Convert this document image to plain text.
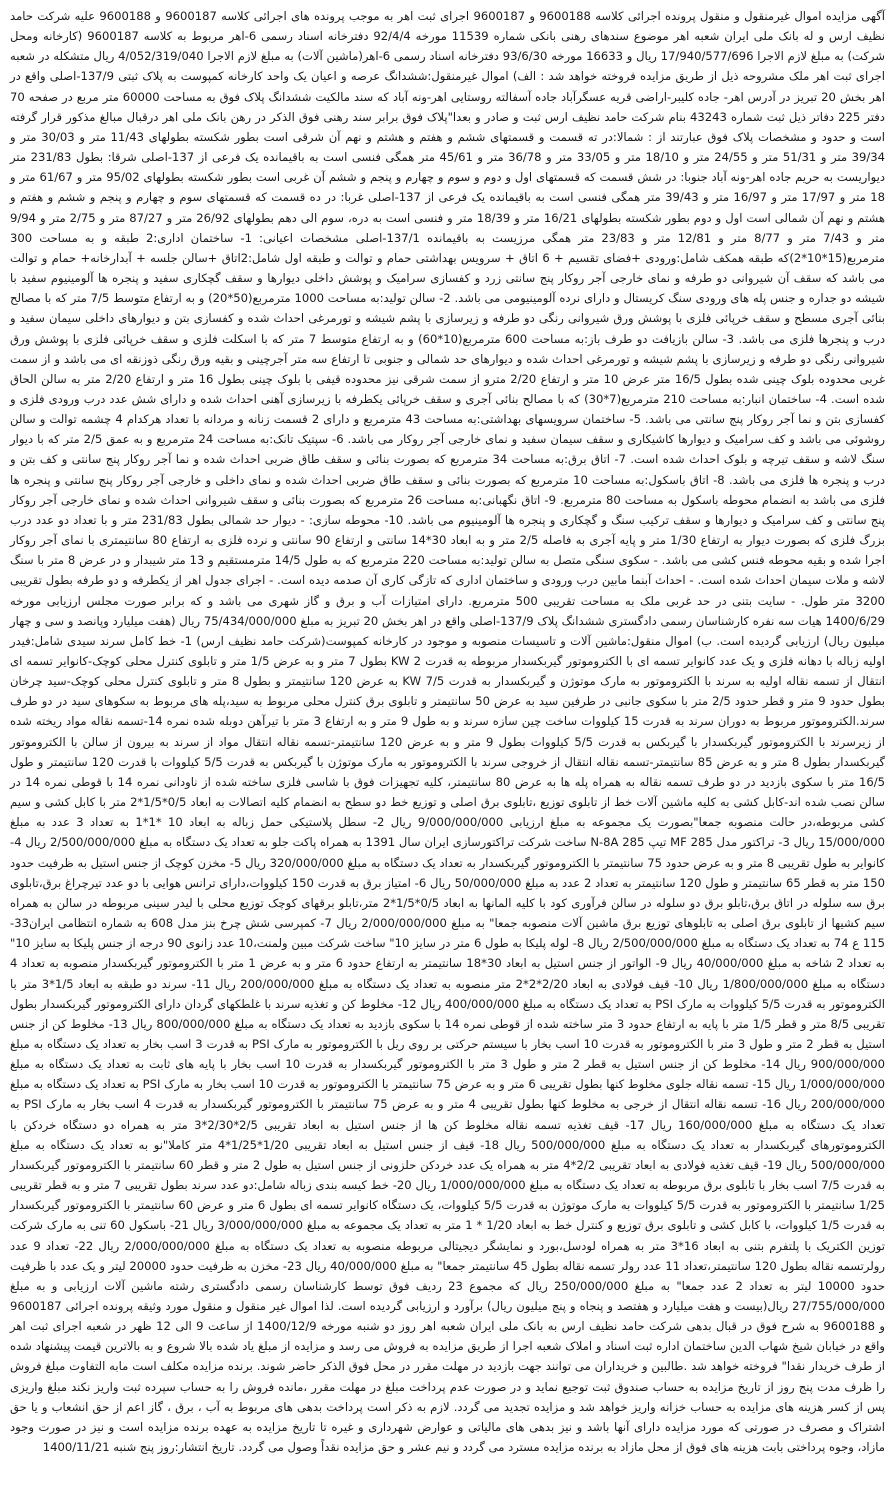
آگهی مزایده اموال غیرمنقول و منقول پرونده اجرائی کلاسه 9600188 و 9600187 اجرای ثبت اهر به موجب پرونده های اجرائی کلاسه 9600187 و 9600188 علیه شرکت حامد نظیف ارس و له بانک ملی ایران شعبه اهر موضوع سندهای رهنی بانکی شماره 11539 مورخه 92/4/4 دفترخانه اسناد رسمی 6-اهر مربوط به کلاسه 9600187 (کارخانه ومحل شرکت) به مبلغ لازم الاجرا 17/940/577/696 ریال و 16633 مورخه 93/6/30 دفترخانه اسناد رسمی 6-اهر(ماشین آلات) به مبلغ لازم الاجرا 4/052/319/040 ریال متشکله در شعبه اجرای ثبت اهر ملک مشروحه ذیل از طریق مزایده فروخته خواهد شد : الف) اموال غیرمنقول:ششدانگ عرصه و اعیان یک واحد کارخانه کمپوست به پلاک ثبتی 137/9-اصلی واقع در اهر بخش 20 تبریز در آدرس اهر- جاده کلیبر-اراضی قریه عسگرآباد جاده آسفالته روستایی اهر-ونه آباد که سند مالکیت ششدانگ پلاک فوق به مساحت 60000 متر مربع در صفحه 70 دفتر 225 دفاتر ذیل ثبت شماره 43243 بنام شرکت حامد نظیف ارس ثبت و صادر و بعدا"پلاک فوق برابر سند رهنی فوق الذکر در رهن بانک ملی اهر درقبال مبالغ مذکور قرار گرفته است و حدود و مشخصات پلاک فوق عبارتند از : شمالا:در ته قسمت و قسمتهای ششم و هفتم و هشتم و نهم آن شرقی است بطور شکسته بطولهای 11/43 متر و 30/03 متر و 39/34 متر و 51/31 متر و 24/55 متر و 18/10 متر و 33/05 متر و 36/78 متر و 45/61 متر همگی فنسی است به باقیمانده یک فرعی از 137-اصلی شرقا: بطول 231/83 متر دیواریست به حریم جاده اهر-ونه آباد جنوبا: در شش قسمت که قسمتهای اول و دوم و سوم و چهارم و پنجم و ششم آن غربی است بطور شکسته بطولهای 95/02 متر و 61/67 متر و 18 متر و 17/97 متر و 16/97 متر و 39/43 متر همگی فنسی است به باقیمانده یک فرعی از 137-اصلی غربا: در ده قسمت که قسمتهای سوم و چهارم و پنجم و ششم و هفتم و هشتم و نهم آن شمالی است اول و دوم بطور شکسته بطولهای 16/21 متر و 18/39 متر و فنسی است به دره، سوم الی دهم بطولهای 26/92 متر و 87/27 متر و 2/75 متر و 9/94 متر و 7/43 متر و 8/77 متر و 12/81 متر و 23/83 متر همگی مرزیست به باقیمانده 137/1-اصلی مشخصات اعیانی: 1- ساختمان اداری:2 طبقه و به مساحت 300 مترمربع(15*10*2)که طبقه همکف شامل:ورودی +فضای تقسیم + 6 اتاق + سرویس بهداشتی حمام و توالت و طبقه اول شامل:2اتاق +سالن جلسه + آبدارخانه+ حمام و توالت می باشد که سقف آن شیروانی دو طرفه و نمای خارجی آجر روکار پنج سانتی زرد و کفسازی سرامیک و پوشش داخلی دیوارها و سقف گچکاری سفید و پنجره ها آلومینیوم سفید با شیشه دو جداره و جنس پله های ورودی سنگ کریستال و دارای نرده آلومینیومی می باشد. 2- سالن تولید:به مساحت 1000 مترمربع(50*20) و به ارتفاع متوسط 7/5 متر که با مصالح بنائی آجری مسطح و سقف خرپائی فلزی با پوشش ورق شیروانی رنگی دو طرفه و زیرسازی با پشم شیشه و تورمرغی احداث شده و کفسازی بتن و دیوارهای داخلی سیمان سفید و درب و پنجرها فلزی می باشد. 3- سالن بازیافت دو طرف باز:به مساحت 600 مترمربع(10*60) و به ارتفاع متوسط 7 متر که با اسکلت فلزی و سقف خرپائی فلزی با پوشش ورق شیروانی رنگی دو طرفه و زیرسازی با پشم شیشه و تورمرغی احداث شده و دیوارهای حد شمالی و جنوبی تا ارتفاع سه متر آجرچینی و بقیه ورق رنگی ذوزنقه ای می باشد و از سمت غربی محدوده بلوک چینی شده بطول 16/5 متر عرض 10 متر و ارتفاع 2/20 مترو از سمت شرقی نیز محدوده قیفی با بلوک چینی بطول 16 متر و ارتفاع 2/20 متر به سالن الحاق شده است. 4- ساختمان انبار:به مساحت 210 مترمربع(7*30) که با مصالح بنائی آجری و سقف خرپائی یکطرفه با زیرسازی آهنی احداث شده و دارای شش عدد درب ورودی فلزی و کفسازی بتن و نما آجر روکار پنج سانتی می باشد. 5- ساختمان سرویسهای بهداشتی:به مساحت 43 مترمربع و دارای 2 قسمت زنانه و مردانه با تعداد هرکدام 4 چشمه توالت و سالن روشوئی می باشد و کف سرامیک و دیوارها کاشیکاری و سقف سیمان سفید و نمای خارجی آجر روکار می باشد. 6- سپتیک تانک:به مساحت 24 مترمربع و به عمق 2/5 متر که با دیوار سنگ لاشه و سقف تیرچه و بلوک احداث شده است. 7- اتاق برق:به مساحت 34 مترمربع که بصورت بنائی و سقف طاق ضربی احداث شده و نما آجر روکار پنج سانتی و کف بتن و درب و پنجره ها فلزی می باشد. 8- اتاق باسکول:به مساحت 10 مترمربع که بصورت بنائی و سقف طاق ضربی احداث شده و نمای داخلی و خارجی آجر روکار پنج سانتی و پنجره ها فلزی می باشد به انضمام محوطه باسکول به مساحت 80 مترمربع. 9- اتاق نگهبانی:به مساحت 26 مترمربع که بصورت بنائی و سقف شیروانی احداث شده و نمای خارجی آجر روکار پنج سانتی و کف سرامیک و دیوارها و سقف ترکیب سنگ و گچکاری و پنجره ها آلومینیوم می باشد. 10- محوطه سازی: - دیوار حد شمالی بطول 231/83 متر و با تعداد دو عدد درب بزرگ فلزی که بصورت دیوار به ارتفاع 1/30 متر و پایه آجری به فاصله 2/5 متر و به ابعاد 30*14 سانتی و ارتفاع 90 سانتی و نرده فلزی به ارتفاع 80 سانتیمتری با نمای آجر روکار اجرا شده و بقیه محوطه فنس کشی می باشد. - سکوی سنگی متصل به سالن تولید:به مساحت 220 مترمربع که به طول 14/5 مترمستقیم و 13 متر شیبدار و در عرض 8 متر با سنگ لاشه و ملات سیمان احداث شده است. - احداث آبنما مابین درب ورودی و ساختمان اداری که تازگی کاری آن صدمه دیده است. - اجرای جدول اهر از یکطرفه و دو طرفه بطول تقریبی 3200 متر طول. - سایت بتنی در حد غربی ملک به مساحت تقریبی 500 مترمربع. دارای امتیازات آب و برق و گاز شهری می باشد و که برابر صورت مجلس ارزیابی مورخه 1400/6/29 هیات سه نفره کارشناسان رسمی دادگستری ششدانگ پلاک 137/9-اصلی واقع در اهر بخش 20 تبریز به مبلغ 75/434/000/000 ریال (هفت میلیارد وپانصد و سی و چهار میلیون ریال) ارزیابی گردیده است. ب) اموال منقول:ماشین آلات و تاسیسات منصوبه و موجود در کارخانه کمپوست(شرکت حامد نظیف ارس) 1- خط کامل سرند سیدی شامل:فیدر اولیه زباله با دهانه فلزی و یک عدد کانوایر تسمه ای با الکتروموتور گیربکسدار مربوطه به قدرت 2 KW بطول 7 متر و به عرض 1/5 متر و تابلوی کنترل محلی کوچک-کانوایر تسمه ای انتقال از تسمه نقاله اولیه به سرند با الکتروموتور به مارک موتوژن و گیربکسدار به قدرت 7/5 KW به عرض 120 سانتیمتر و بطول 8 متر و تابلوی کنترل محلی کوچک-سید چرخان بطول حدود 9 متر و قطر حدود 2/5 متر با سکوی جانبی در طرفین سید به عرض 50 سانتیمتر و تابلوی برق کنترل محلی مربوط به سید،پله های مربوط به سکوهای سید در دو طرف سرند.الکتروموتور مربوط به دوران سرند به قدرت 15 کیلووات ساخت چین سازه سرند و به طول 9 متر و به ارتفاع 3 متر با تیرآهن دوبله شده نمره 14-تسمه نقاله مواد ریخته شده از زیرسرند با الکتروموتور گیربکسدار با گیربکس به قدرت 5/5 کیلووات بطول 9 متر و به عرض 120 سانتیمتر-تسمه نقاله انتقال مواد از سرند به بیرون از سالن با الکتروموتور گیربکسدار بطول 8 متر و به عرض 85 سانتیمتر-تسمه نقاله انتقال از خروجی سرند با الکتروموتور به مارک موتوژن با گیربکس به قدرت 5/5 کیلووات با قدرت 120 سانتیمتر و طول 16/5 متر با سکوی بازدید در دو طرف تسمه نقاله به همراه پله ها به عرض 80 سانتیمتر، کلیه تجهیزات فوق با شاسی فلزی ساخته شده از ناودانی نمره 14 با قوطی نمره 14 در سالن نصب شده اند-کابل کشی به کلیه ماشین آلات خط از تابلوی توزیع ،تابلوی برق اصلی و توزیع خط دو سطح به انضمام کلیه اتصالات به ابعاد 0/5*1/5*2 متر با کابل کشی و سیم کشی مربوطه،در حالت منصوبه جمعا"بصورت یک مجموعه به مبلغ ارزیابی 9/000/000/000 ریال 2- سطل پلاستیکی حمل زباله به ابعاد 10 *1*1 به تعداد 3 عدد به مبلغ 15/000/000 ریال 3- تراکتور مدل MF 285 تیپ N-8A 285 ساخت شرکت تراکتورسازی ایران سال 1391 به همراه پاکت جلو به تعداد یک دستگاه به مبلغ 2/500/000/000 ریال 4- کانوایر به طول تقریبی 8 متر و به عرض حدود 75 سانتیمتر با الکتروموتور گیربکسدار به تعداد یک دستگاه به مبلغ 320/000/000 ریال 5- مخزن کوچک از جنس استیل به ظرفیت حدود 150 متر به قطر 65 سانتیمتر و طول 120 سانتیمتر به تعداد 2 عدد به مبلغ 50/000/000 ریال 6- امتیاز برق به قدرت 150 کیلووات،دارای ترانس هوایی با دو عدد تیرچراغ برق،تابلوی برق سه سلوله در اتاق برق،تابلو برق دو سلوله در سالن فرآوری کود با کلیه المانها به ابعاد 0/5*1/5*2 متر،تابلو برقهای کوچک توزیع محلی با لیدر سینی مربوطه در سالن به همراه سیم کشیها از تابلوی برق اصلی به تابلوهای توزیع برق ماشین آلات منصوبه جمعا" به مبلغ 2/000/000/000 ریال 7- کمپرسی شش چرخ بنز مدل 608 به شماره انتظامی ایران33-115 ع 74 به تعداد یک دستگاه به مبلغ 2/500/000/000 ریال 8- لوله پلیکا به طول 6 متر در سایز 10" ساخت شرکت مبین ولمنت،10 عدد زانوی 90 درجه از جنس پلیکا به سایز 10" به تعداد 2 شاخه به مبلغ 40/000/000 ریال 9- الواتور از جنس استیل به ابعاد 30*18 سانتیمتر به ارتفاع حدود 6 متر و به عرض 1 متر با الکتروموتور گیربکسدار منصوبه به تعداد 4 دستگاه به مبلغ 1/800/000/000 ریال 10- قیف فولادی به ابعاد 2/20*2*2 متر منصوبه به تعداد یک دستگاه به مبلغ 200/000/000 ریال 11- سرند دو طبقه به ابعاد 1/5*3 متر با الکتروموتور به قدرت 5/5 کیلووات به مارک PSI به تعداد یک دستگاه به مبلغ 400/000/000 ریال 12- مخلوط کن و تغذیه سرند با غلطکهای گردان دارای الکتروموتور گیربکسدار بطول تقریبی 8/5 متر و قطر 1/5 متر با پایه به ارتفاع حدود 3 متر ساخته شده از قوطی نمره 14 با سکوی بازدید به تعداد یک دستگاه به مبلغ 800/000/000 ریال 13- مخلوط کن از جنس استیل به قطر 2 متر و طول 3 متر با الکتروموتور به قدرت 10 اسب بخار با سیستم حرکتی بر روی ریل با الکتروموتور به مارک PSI به قدرت 3 اسب بخار به تعداد یک دستگاه به مبلغ 900/000/000 ریال 14- مخلوط کن از جنس استیل به قطر 2 متر و طول 3 متر با الکتروموتور گیربکسدار به قدرت 10 اسب بخار با پایه های ثابت به تعداد یک دستگاه به مبلغ 1/000/000/000 ریال 15- تسمه نقاله جلوی مخلوط کنها بطول تقریبی 6 متر و به عرض 75 سانتیمتر با الکتروموتور به قدرت 10 اسب بخار به مارک PSI به تعداد یک دستگاه به مبلغ 200/000/000 ریال 16- تسمه نقاله انتقال از خرجی به مخلوط کنها بطول تقریبی 4 متر و به عرض 75 سانتیمتر با الکتروموتور گیربکسدار به قدرت 4 اسب بخار به مارک PSI به تعداد یک دستگاه به مبلغ 160/000/000 ریال 17- قیف تغذیه تسمه نقاله مخلوط کن ها از جنس استیل به ابعاد تقریبی 2/5*2/30*3 متر به همراه دو دستگاه خردکن با الکتروموتورهای گیربکسدار به تعداد یک دستگاه به مبلغ 500/000/000 ریال 18- قیف از جنس استیل به ابعاد تقریبی 1/20*1/25*4 متر کاملا"نو به تعداد یک دستگاه به مبلغ 500/000/000 ریال 19- قیف تغذیه فولادی به ابعاد تقریبی 2/2*4 متر به همراه یک عدد خردکن حلزونی از جنس استیل به طول 2 متر و قطر 60 سانتیمتر با الکتروموتور گیربکسدار به قدرت 7/5 اسب بخار با تابلوی برق مربوطه به تعداد یک دستگاه به مبلغ 1/000/000/000 ریال 20- خط کیسه بندی زباله شامل:دو عدد سرند بطول تقریبی 7 متر و به قطر تقریبی 1/25 سانتیمتر با الکتروموتور به قدرت 5/5 کیلووات به مارک موتوژن به قدرت 5/5 کیلووات، یک دستگاه کانوایر تسمه ای بطول 6 متر و عرض 60 سانتیمتر با الکتروموتور گیربکسدار به قدرت 1/5 کیلووات، با کابل کشی و تابلوی برق توزیع و کنترل خط به ابعاد 1/20 * 1 متر به تعداد یک مجموعه به مبلغ 3/000/000/000 ریال 21- باسکول 60 تنی به مارک شرکت توزین الکتریک با پلتفرم بتنی به ابعاد 16*3 متر به همراه لودسل،بورد و نمایشگر دیجیتالی مربوطه منصوبه به تعداد یک دستگاه به مبلغ 2/000/000/000 ریال 22- تعداد 9 عدد رولرتسمه نقاله بطول 120 سانتیمتر،تعداد 11 عدد رولر تسمه نقاله بطول 45 سانتیمتر جمعا" به مبلغ 40/000/000 ریال 23- مخزن به ظرفیت حدود 20000 لیتر و یک عدد با ظرفیت حدود 10000 لیتر به تعداد 2 عدد جمعا" به مبلغ 250/000/000 ریال که مجموع 23 ردیف فوق توسط کارشناسان رسمی دادگستری رشته ماشین آلات ارزیابی و به مبلغ 27/755/000/000 ریال(بیست و هفت میلیارد و هفتصد و پنجاه و پنج میلیون ریال) برآورد و ارزیابی گردیده است. لذا اموال غیر منقول و منقول مورد وثیقه پرونده اجرائی 9600187 و 9600188 به شرح فوق در قبال بدهی شرکت حامد نظیف ارس به بانک ملی ایران شعبه اهر روز دو شنبه مورخه 1400/12/9 از ساعت 9 الی 12 ظهر در شعبه اجرای ثبت اهر واقع در خیابان شیخ شهاب الدین ساختمان اداره ثبت اسناد و املاک شعبه اجرا از طریق مزایده به فروش می رسد و مزایده از مبلغ یاد شده بالا شروع و به بالاترین قیمت پیشنهاد شده از طرف خریدار نقدا" فروخته خواهد شد .طالبین و خریداران می توانند جهت بازدید در مهلت مقرر در محل فوق الذکر حاضر شوند. برنده مزایده مکلف است مابه التفاوت مبلغ فروش را ظرف مدت پنج روز از تاریخ مزایده به حساب صندوق ثبت توجیع نماید و در صورت عدم پرداخت مبلغ در مهلت مقرر ،مانده فروش را به حساب سپرده ثبت واریز نکند مبلغ واریزی پس از کسر هزینه های مزایده به حساب خزانه واریز خواهد شد و مزایده تجدید می گردد. لازم به ذکر است پرداخت بدهی های مربوط به آب ، برق ، گاز اعم از حق انشعاب و یا حق اشتراک و مصرف در صورتی که مورد مزایده دارای آنها باشد و نیز بدهی های مالیاتی و عوارض شهرداری و غیره تا تاریخ مزایده به عهده برنده مزایده است و نیز در صورت وجود مازاد، وجوه پرداختی بابت هزینه های فوق از محل مازاد به برنده مزایده مسترد می گردد و نیم عشر و حق مزایده نقداً وصول می گردد. تاریخ انتشار:روز پنج شنبه 1400/11/21
